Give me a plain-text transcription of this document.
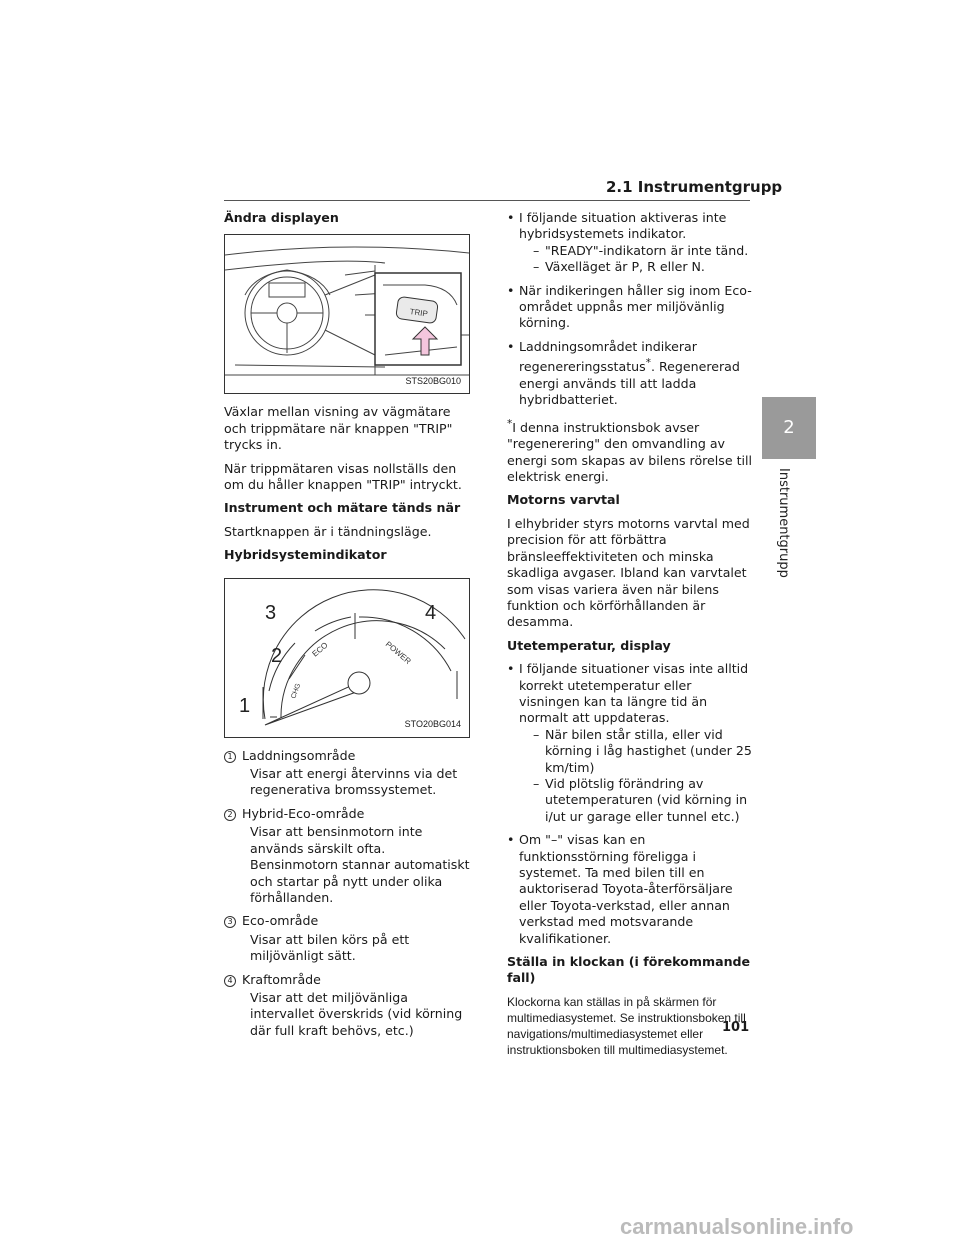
2.1 Instrumentgrupp
Ändra displayen
TRIP
STS20BG010

Växlar mellan visning av vägmätare och trippmätare när knappen "TRIP" trycks in.

När trippmätaren visas nollställs den om du håller knappen "TRIP" intryckt.

Instrument och mätare tänds när

Startknappen är i tändningsläge.

Hybridsystemindikator
ECO	POWER
CHG
1
2
3	4
STO20BG014
1 Laddningsområde

Visar att energi återvinns via det regenerativa bromssystemet.

2 Hybrid-Eco-område

Visar att bensinmotorn inte används särskilt ofta. Bensinmotorn stannar automatiskt och startar på nytt under olika förhållanden.

3 Eco-område

Visar att bilen körs på ett miljövänligt sätt.

4 Kraftområde

Visar att det miljövänliga intervallet överskrids (vid körning där full kraft behövs, etc.)

• I följande situation aktiveras inte hybridsystemets indikator.
– "READY"-indikatorn är inte tänd.
– Växelläget är P, R eller N.
• När indikeringen håller sig inom Eco-området uppnås mer miljövänlig körning.
• Laddningsområdet indikerar regenereringsstatus*. Regenererad energi används till att ladda hybridbatteriet.

*I denna instruktionsbok avser "regenerering" den omvandling av energi som skapas av bilens rörelse till elektrisk energi.

Motorns varvtal

I elhybrider styrs motorns varvtal med precision för att förbättra bränsleeffektiviteten och minska skadliga avgaser. Ibland kan varvtalet som visas variera även när bilens funktion och körförhållanden är desamma.

Utetemperatur, display
• I följande situationer visas inte alltid korrekt utetemperatur eller visningen kan ta längre tid än normalt att uppdateras.
– När bilen står stilla, eller vid körning i låg hastighet (under 25 km/tim)
– Vid plötslig förändring av utetemperaturen (vid körning in i/ut ur garage eller tunnel etc.)
• Om "–" visas kan en funktionsstörning föreligga i systemet. Ta med bilen till en auktoriserad Toyota-återförsäljare eller Toyota-verkstad, eller annan verkstad med motsvarande kvalifikationer.
Ställa in klockan (i förekommande fall)

Klockorna kan ställas in på skärmen för multimediasystemet. Se instruktionsboken till navigations/multimediasystemet eller instruktionsboken till multimediasystemet.

2
Instrumentgrupp
101
carmanualsonline.info
